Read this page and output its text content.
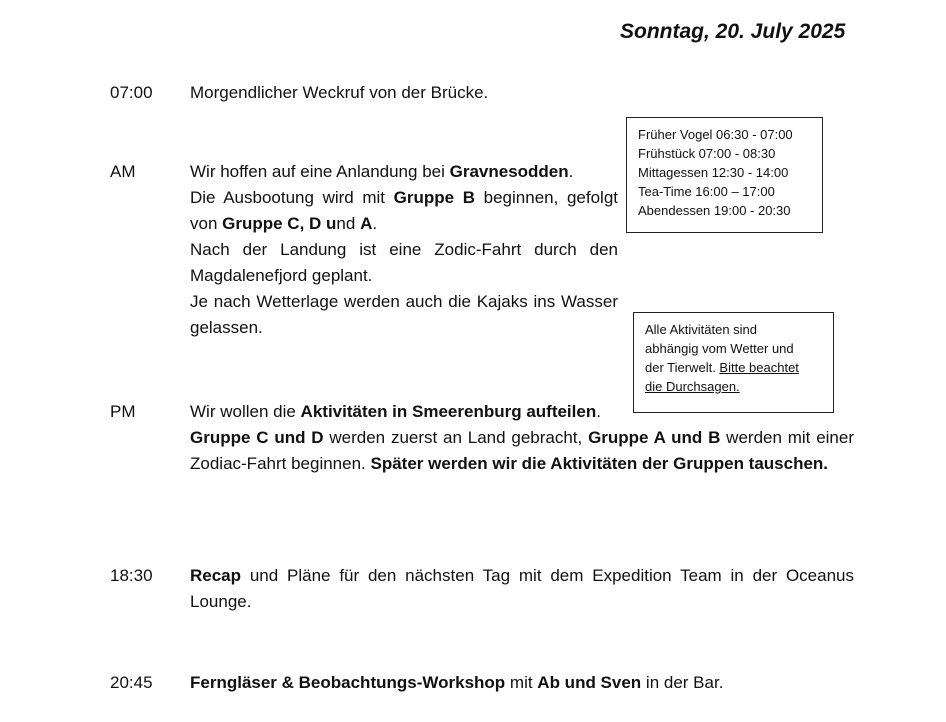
Sonntag, 20. July 2025
07:00 Morgendlicher Weckruf von der Brücke.

AM	Wir hoffen auf eine Anlandung bei Gravnesodden.

Die Ausbootung wird mit Gruppe B beginnen, gefolgt von Gruppe C, D und A.

Nach der Landung ist eine Zodic-Fahrt durch den Magdalenefjord geplant.

Je nach Wetterlage werden auch die Kajaks ins Wasser gelassen.

PM	Wir wollen die Aktivitäten in Smeerenburg aufteilen.

Gruppe C und D werden zuerst an Land gebracht, Gruppe A und B werden mit einer Zodiac-Fahrt beginnen. Später werden wir die Aktivitäten der Gruppen tauschen.

18:30 Recap und Pläne für den nächsten Tag mit dem Expedition Team in der Oceanus Lounge.

20:45 Ferngläser & Beobachtungs-Workshop mit Ab und Sven in der Bar.

Früher Vogel 06:30 - 07:00
Frühstück 07:00 - 08:30
Mittagessen 12:30 - 14:00
Tea-Time 16:00 – 17:00
Abendessen 19:00 - 20:30
Alle Aktivitäten sind
abhängig vom Wetter und
der Tierwelt. Bitte beachtet
die Durchsagen.
